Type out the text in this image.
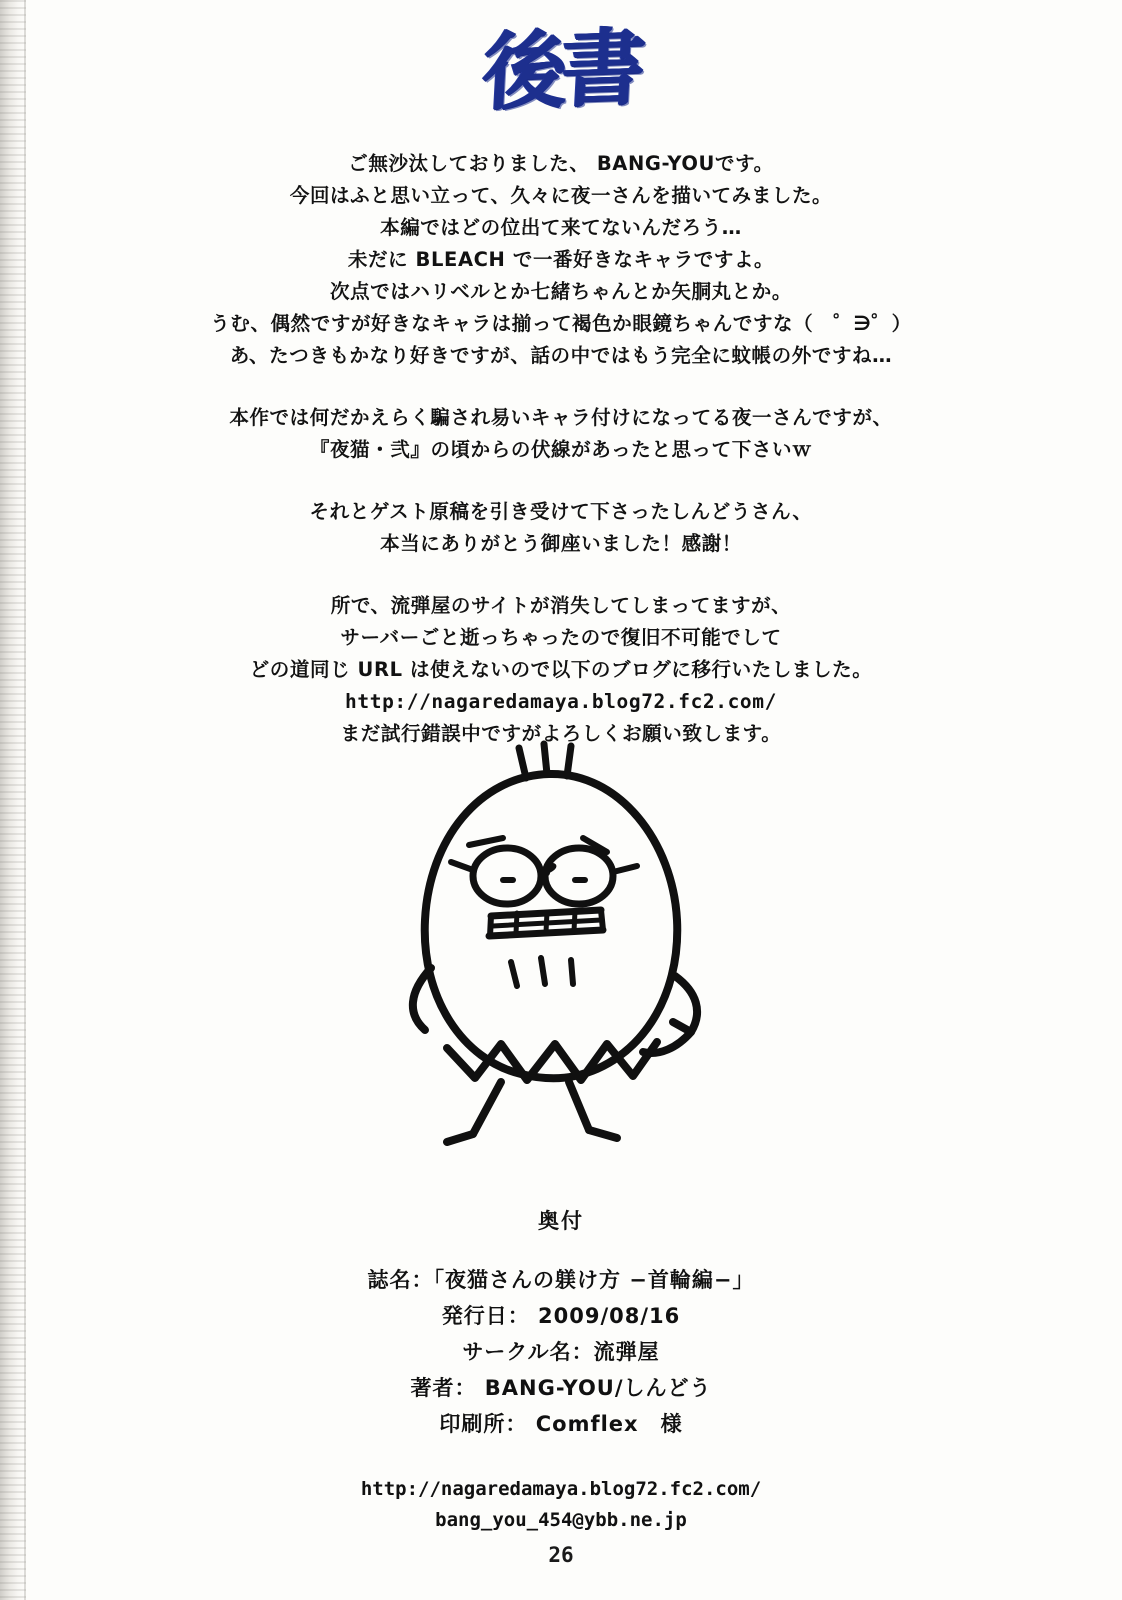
後書

ご無沙汰しておりました、 BANG-YOUです。

今回はふと思い立って、久々に夜一さんを描いてみました。

本編ではどの位出て来てないんだろう…

未だに BLEACH で一番好きなキャラですよ。

次点ではハリベルとか七緒ちゃんとか矢胴丸とか。

うむ、偶然ですが好きなキャラは揃って褐色か眼鏡ちゃんですな（　゜∋゜）

あ、たつきもかなり好きですが、話の中ではもう完全に蚊帳の外ですね…

本作では何だかえらく騙され易いキャラ付けになってる夜一さんですが、

『夜猫・弐』の頃からの伏線があったと思って下さいｗ

それとゲスト原稿を引き受けて下さったしんどうさん、

本当にありがとう御座いました！感謝！

所で、流弾屋のサイトが消失してしまってますが、

サーバーごと逝っちゃったので復旧不可能でして

どの道同じ URL は使えないので以下のブログに移行いたしました。

http://nagaredamaya.blog72.fc2.com/

まだ試行錯誤中ですがよろしくお願い致します。

奥付

誌名：「夜猫さんの躾け方 −首輪編−」

発行日： 2009/08/16

サークル名：流弾屋

著者： BANG-YOU/しんどう

印刷所： Comflex　様

http://nagaredamaya.blog72.fc2.com/

bang_you_454@ybb.ne.jp

26
